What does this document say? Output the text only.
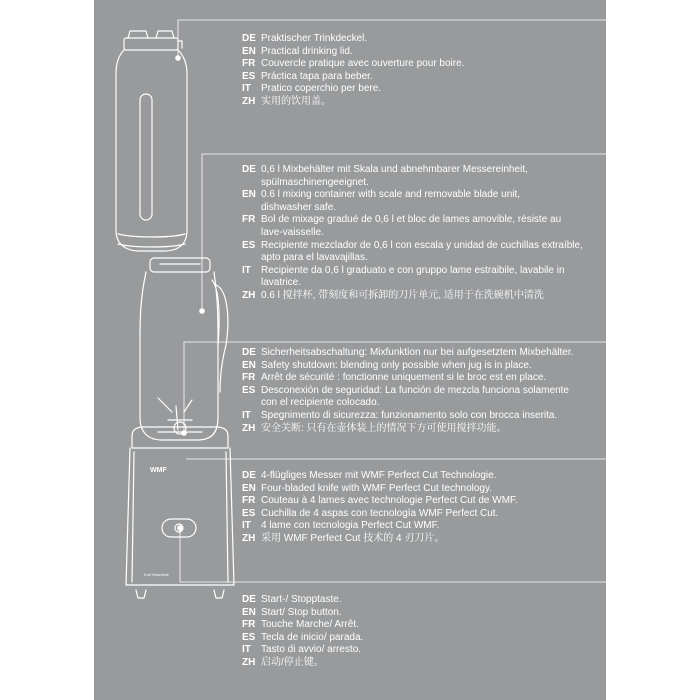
WMF
Kult Smoothie
DE Praktischer Trinkdeckel.
EN Practical drinking lid.
FR Couvercle pratique avec ouverture pour boire.
ES Práctica tapa para beber.
IT	Pratico coperchio per bere.
ZH 实用的饮用盖。
DE 0,6 l Mixbehälter mit Skala und abnehmbarer Messereinheit,
spülmaschinengeeignet.
EN 0.6 l mixing container with scale and removable blade unit,
dishwasher safe.
FR Bol de mixage gradué de 0,6 l et bloc de lames amovible, résiste au
lave-vaisselle.
ES Recipiente mezclador de 0,6 l con escala y unidad de cuchillas extraíble,
apto para el lavavajillas.
IT	Recipiente da 0,6 l graduato e con gruppo lame estraibile, lavabile in
lavatrice.
ZH 0.6 l 搅拌杯, 带刻度和可拆卸的刀片单元, 适用于在洗碗机中清洗
DE Sicherheitsabschaltung: Mixfunktion nur bei aufgesetztem Mixbehälter.
EN Safety shutdown: blending only possible when jug is in place.
FR Arrêt de sécurité : fonctionne uniquement si le broc est en place.
ES Desconexión de seguridad: La función de mezcla funciona solamente
con el recipiente colocado.
IT	Spegnimento di sicurezza: funzionamento solo con brocca inserita.
ZH 安全关断: 只有在壶体装上的情况下方可使用搅拌功能。
DE 4-flügliges Messer mit WMF Perfect Cut Technologie.
EN Four-bladed knife with WMF Perfect Cut technology.
FR Couteau à 4 lames avec technologie Perfect Cut de WMF.
ES Cuchilla de 4 aspas con tecnología WMF Perfect Cut.
IT	4 lame con tecnologia Perfect Cut WMF.
ZH 采用 WMF Perfect Cut 技术的 4 刃刀片。
DE Start-/ Stopptaste.
EN Start/ Stop button.
FR Touche Marche/ Arrêt.
ES Tecla de inicio/ parada.
IT	Tasto di avvio/ arresto.
ZH 启动/停止键。
